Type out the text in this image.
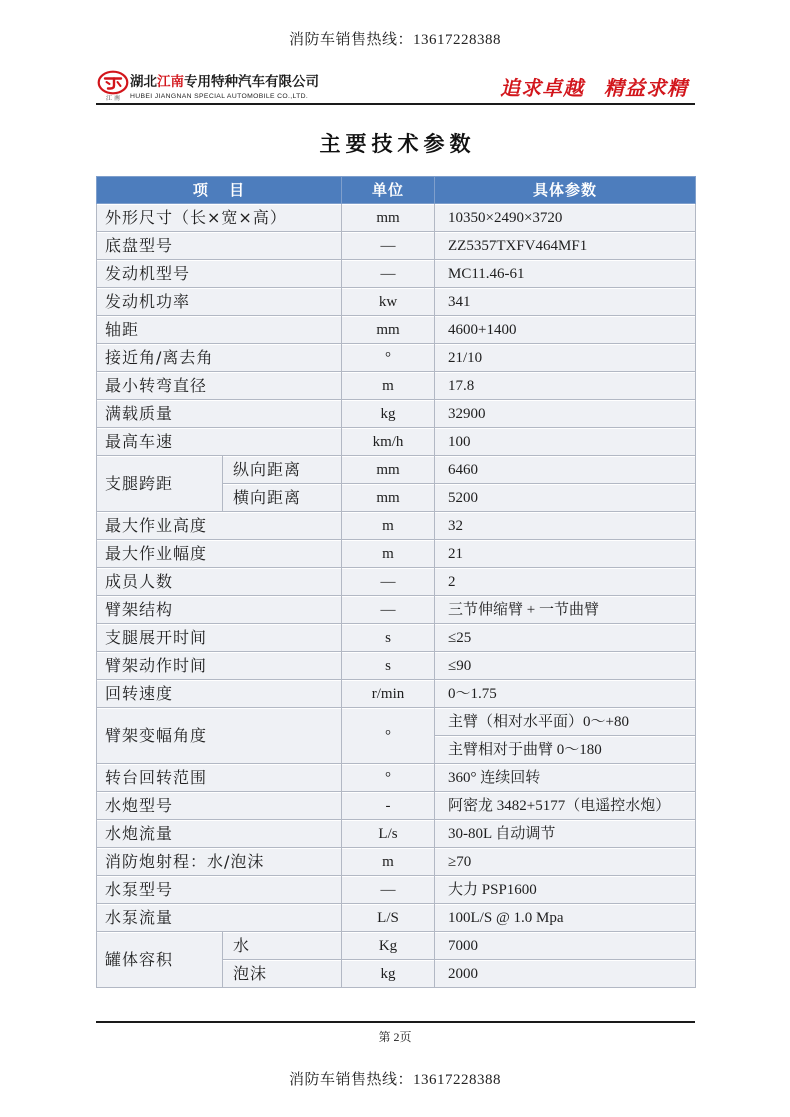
消防车销售热线：13617228388
江 南
湖北江南专用特种汽车有限公司
HUBEI JIANGNAN SPECIAL AUTOMOBILE CO.,LTD.	追求卓越 精益求精
主要技术参数
项 目		单位	具体参数
外形尺寸（长×宽×高）		mm	10350×2490×3720
底盘型号		—	ZZ5357TXFV464MF1
发动机型号		—	MC11.46-61
发动机功率		kw	341
轴距		mm	4600+1400
接近角/离去角		°	21/10
最小转弯直径		m	17.8
满载质量		kg	32900
最高车速		km/h	100
支腿跨距	纵向距离	mm	6460
	横向距离	mm	5200
最大作业高度		m	32
最大作业幅度		m	21
成员人数		—	2
臂架结构		—	三节伸缩臂 + 一节曲臂
支腿展开时间		s	≤25
臂架动作时间		s	≤90
回转速度		r/min	0～1.75
臂架变幅角度		°	主臂（相对水平面）0～+80
			主臂相对于曲臂 0～180
转台回转范围		°	360° 连续回转
水炮型号		-	阿密龙 3482+5177（电遥控水炮）
水炮流量		L/s	30-80L 自动调节
消防炮射程：水/泡沫		m	≥70
水泵型号		—	大力 PSP1600
水泵流量		L/S	100L/S @ 1.0 Mpa
罐体容积	水	Kg	7000
	泡沫	kg	2000
第 2页
消防车销售热线：13617228388
